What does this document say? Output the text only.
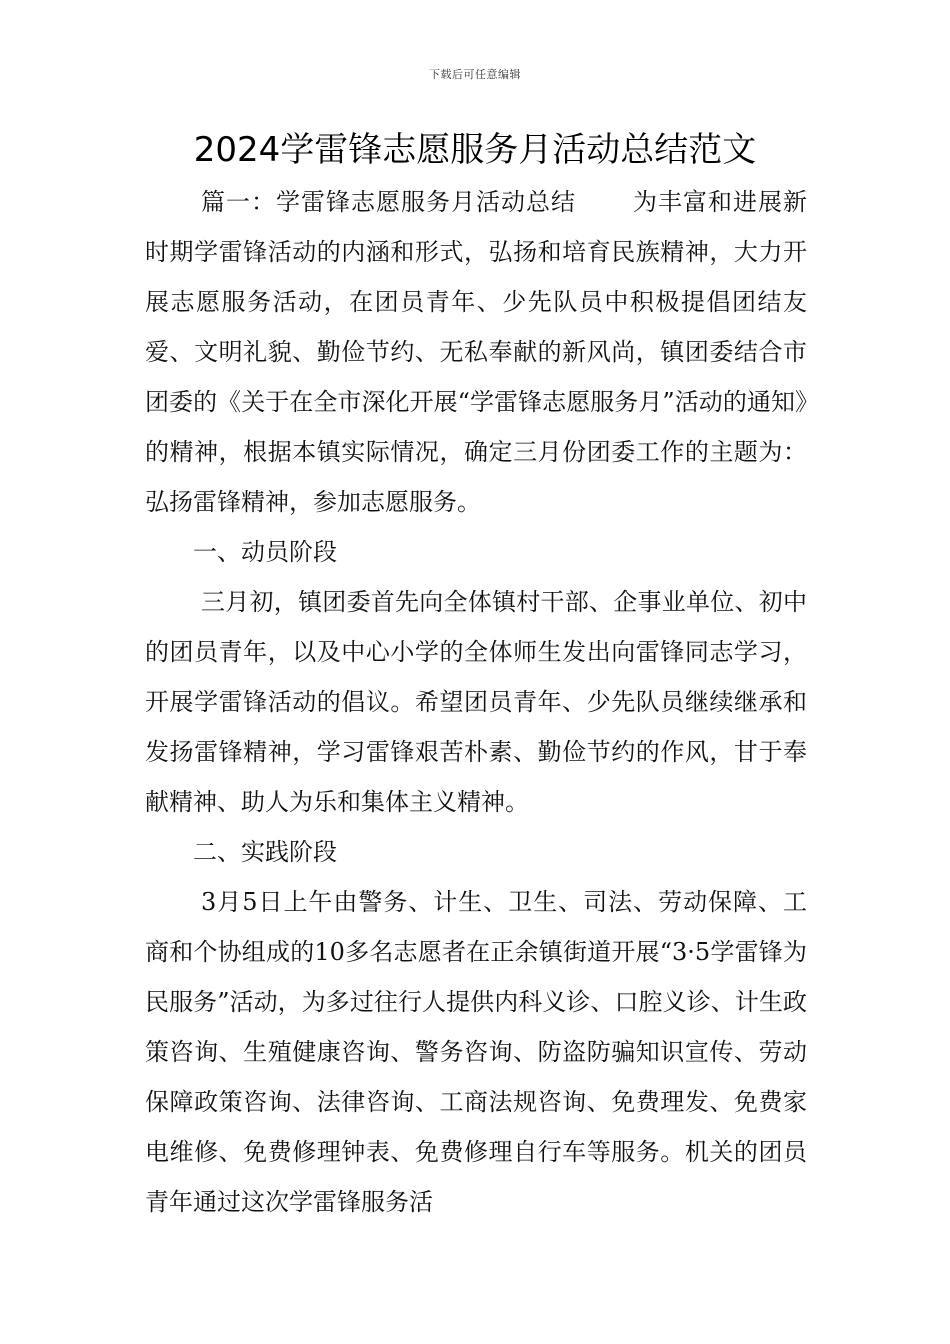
下载后可任意编辑
2024学雷锋志愿服务月活动总结范文

篇一：学雷锋志愿服务月活动总结 为丰富和进展新时期学雷锋活动的内涵和形式，弘扬和培育民族精神，大力开展志愿服务活动，在团员青年、少先队员中积极提倡团结友爱、文明礼貌、勤俭节约、无私奉献的新风尚，镇团委结合市团委的《关于在全市深化开展“学雷锋志愿服务月”活动的通知》的精神，根据本镇实际情况，确定三月份团委工作的主题为：弘扬雷锋精神，参加志愿服务。

一、动员阶段

三月初，镇团委首先向全体镇村干部、企事业单位、初中的团员青年，以及中心小学的全体师生发出向雷锋同志学习，开展学雷锋活动的倡议。希望团员青年、少先队员继续继承和发扬雷锋精神，学习雷锋艰苦朴素、勤俭节约的作风，甘于奉献精神、助人为乐和集体主义精神。

二、实践阶段

3月5日上午由警务、计生、卫生、司法、劳动保障、工商和个协组成的10多名志愿者在正余镇街道开展“3·5学雷锋为民服务”活动，为多过往行人提供内科义诊、口腔义诊、计生政策咨询、生殖健康咨询、警务咨询、防盗防骗知识宣传、劳动保障政策咨询、法律咨询、工商法规咨询、免费理发、免费家电维修、免费修理钟表、免费修理自行车等服务。机关的团员青年通过这次学雷锋服务活
